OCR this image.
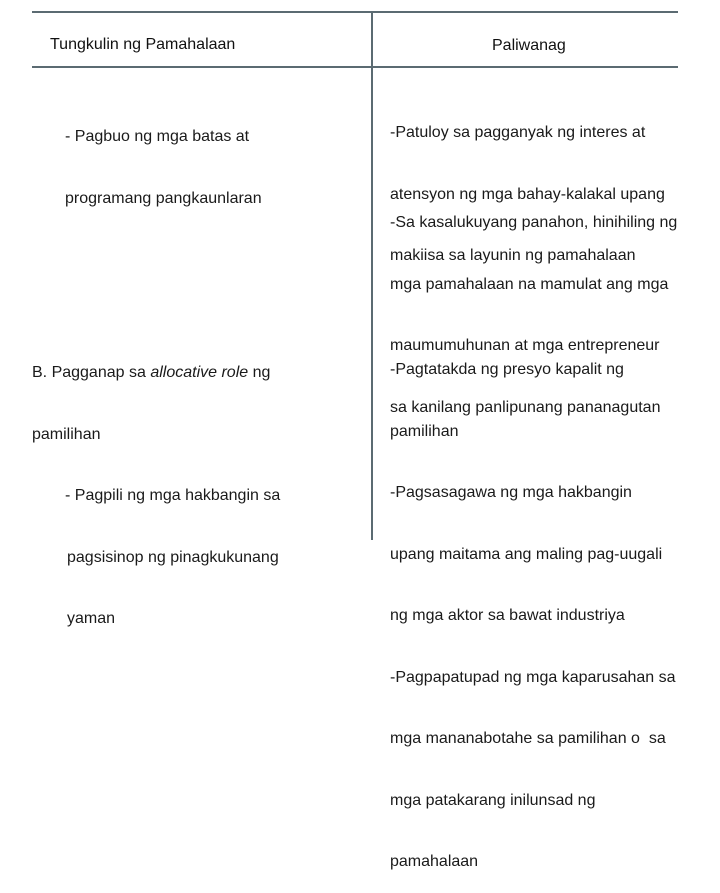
Tungkulin ng Pamahalaan	Paliwanag

- Pagbuo ng mga batas at

programang pangkaunlaran

B. Pagganap sa allocative role ng

pamilihan

- Pagpili ng mga hakbangin sa

pagsisinop ng pinagkukunang

yaman

-Patuloy sa pagganyak ng interes at

atensyon ng mga bahay-kalakal upang

makiisa sa layunin ng pamahalaan

-Sa kasalukuyang panahon, hinihiling ng

mga pamahalaan na mamulat ang mga

maumumuhunan at mga entrepreneur

sa kanilang panlipunang pananagutan

-Pagtatakda ng presyo kapalit ng

pamilihan

-Pagsasagawa ng mga hakbangin

upang maitama ang maling pag-uugali

ng mga aktor sa bawat industriya

-Pagpapatupad ng mga kaparusahan sa

mga mananabotahe sa pamilihan o  sa

mga patakarang inilunsad ng

pamahalaan
